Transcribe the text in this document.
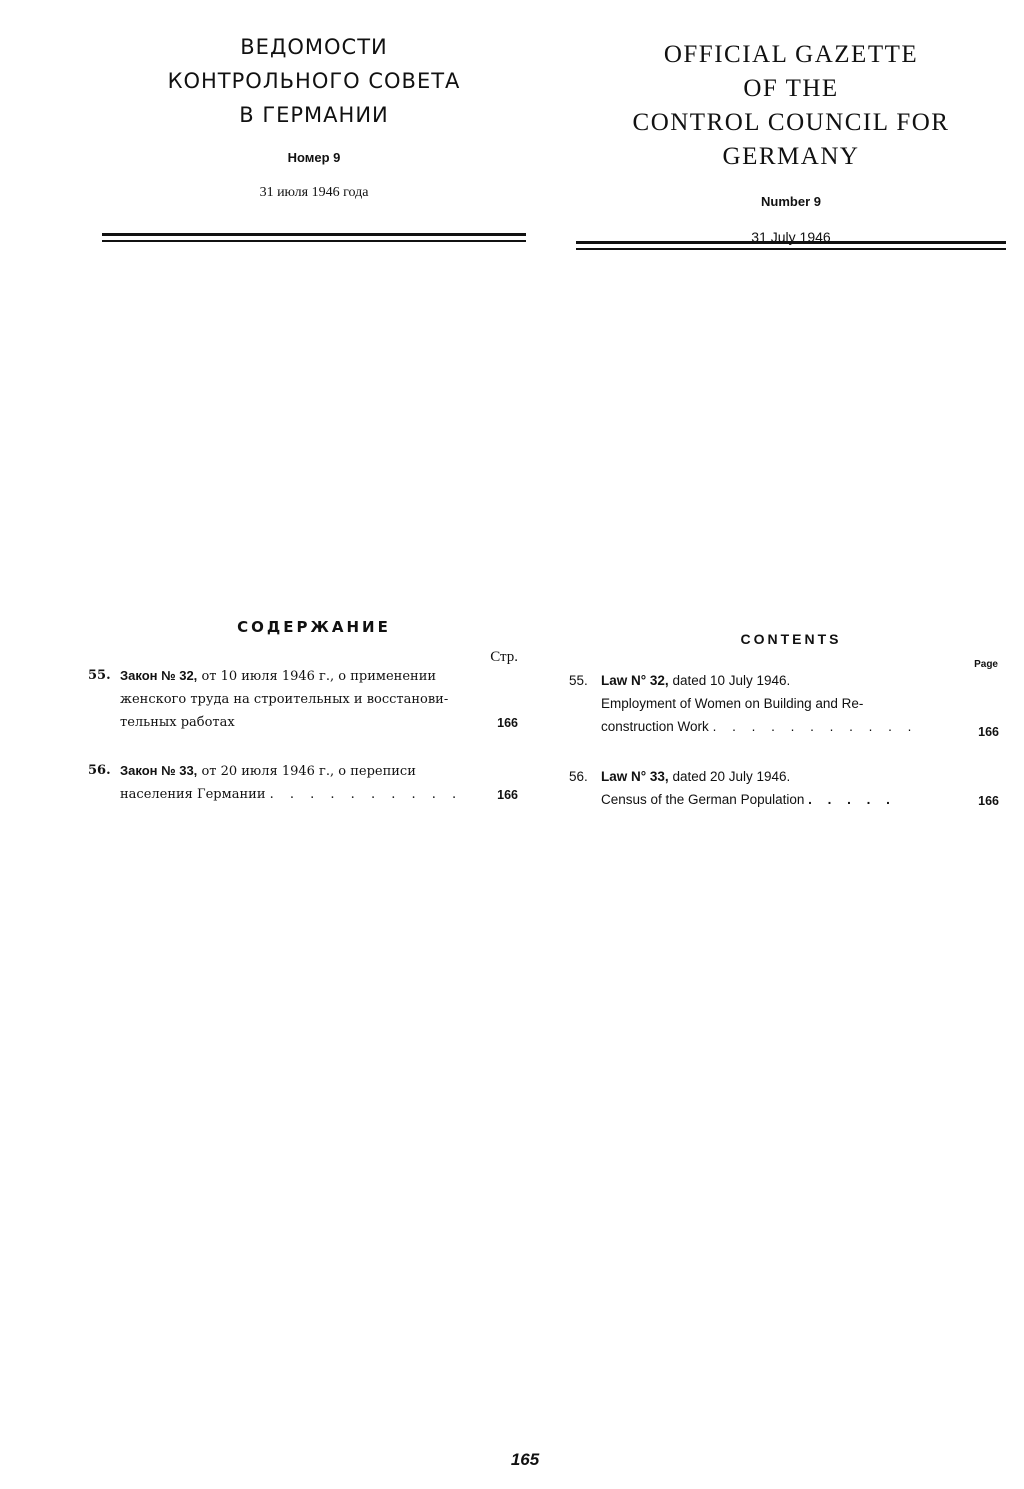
ВЕДОМОСТИ
КОНТРОЛЬНОГО СОВЕТА
В ГЕРМАНИИ
Номер 9
31 июля 1946 года
OFFICIAL GAZETTE
OF THE
CONTROL COUNCIL FOR GERMANY
Number 9
31 July 1946
СОДЕРЖАНИЕ
Стр.
55. Закон № 32, от 10 июля 1946 г., о применении
женского труда на строительных и восстанови-
тельных работах	166
56. Закон № 33, от 20 июля 1946 г., о переписи
населения Германии . . . . . . . . . .	166
CONTENTS
Page
55. Law N° 32, dated 10 July 1946.
Employment of Women on Building and Re-
construction Work . . . . . . . . . . .	166
56. Law N° 33, dated 20 July 1946.
Census of the German Population . . . . .	166
165
